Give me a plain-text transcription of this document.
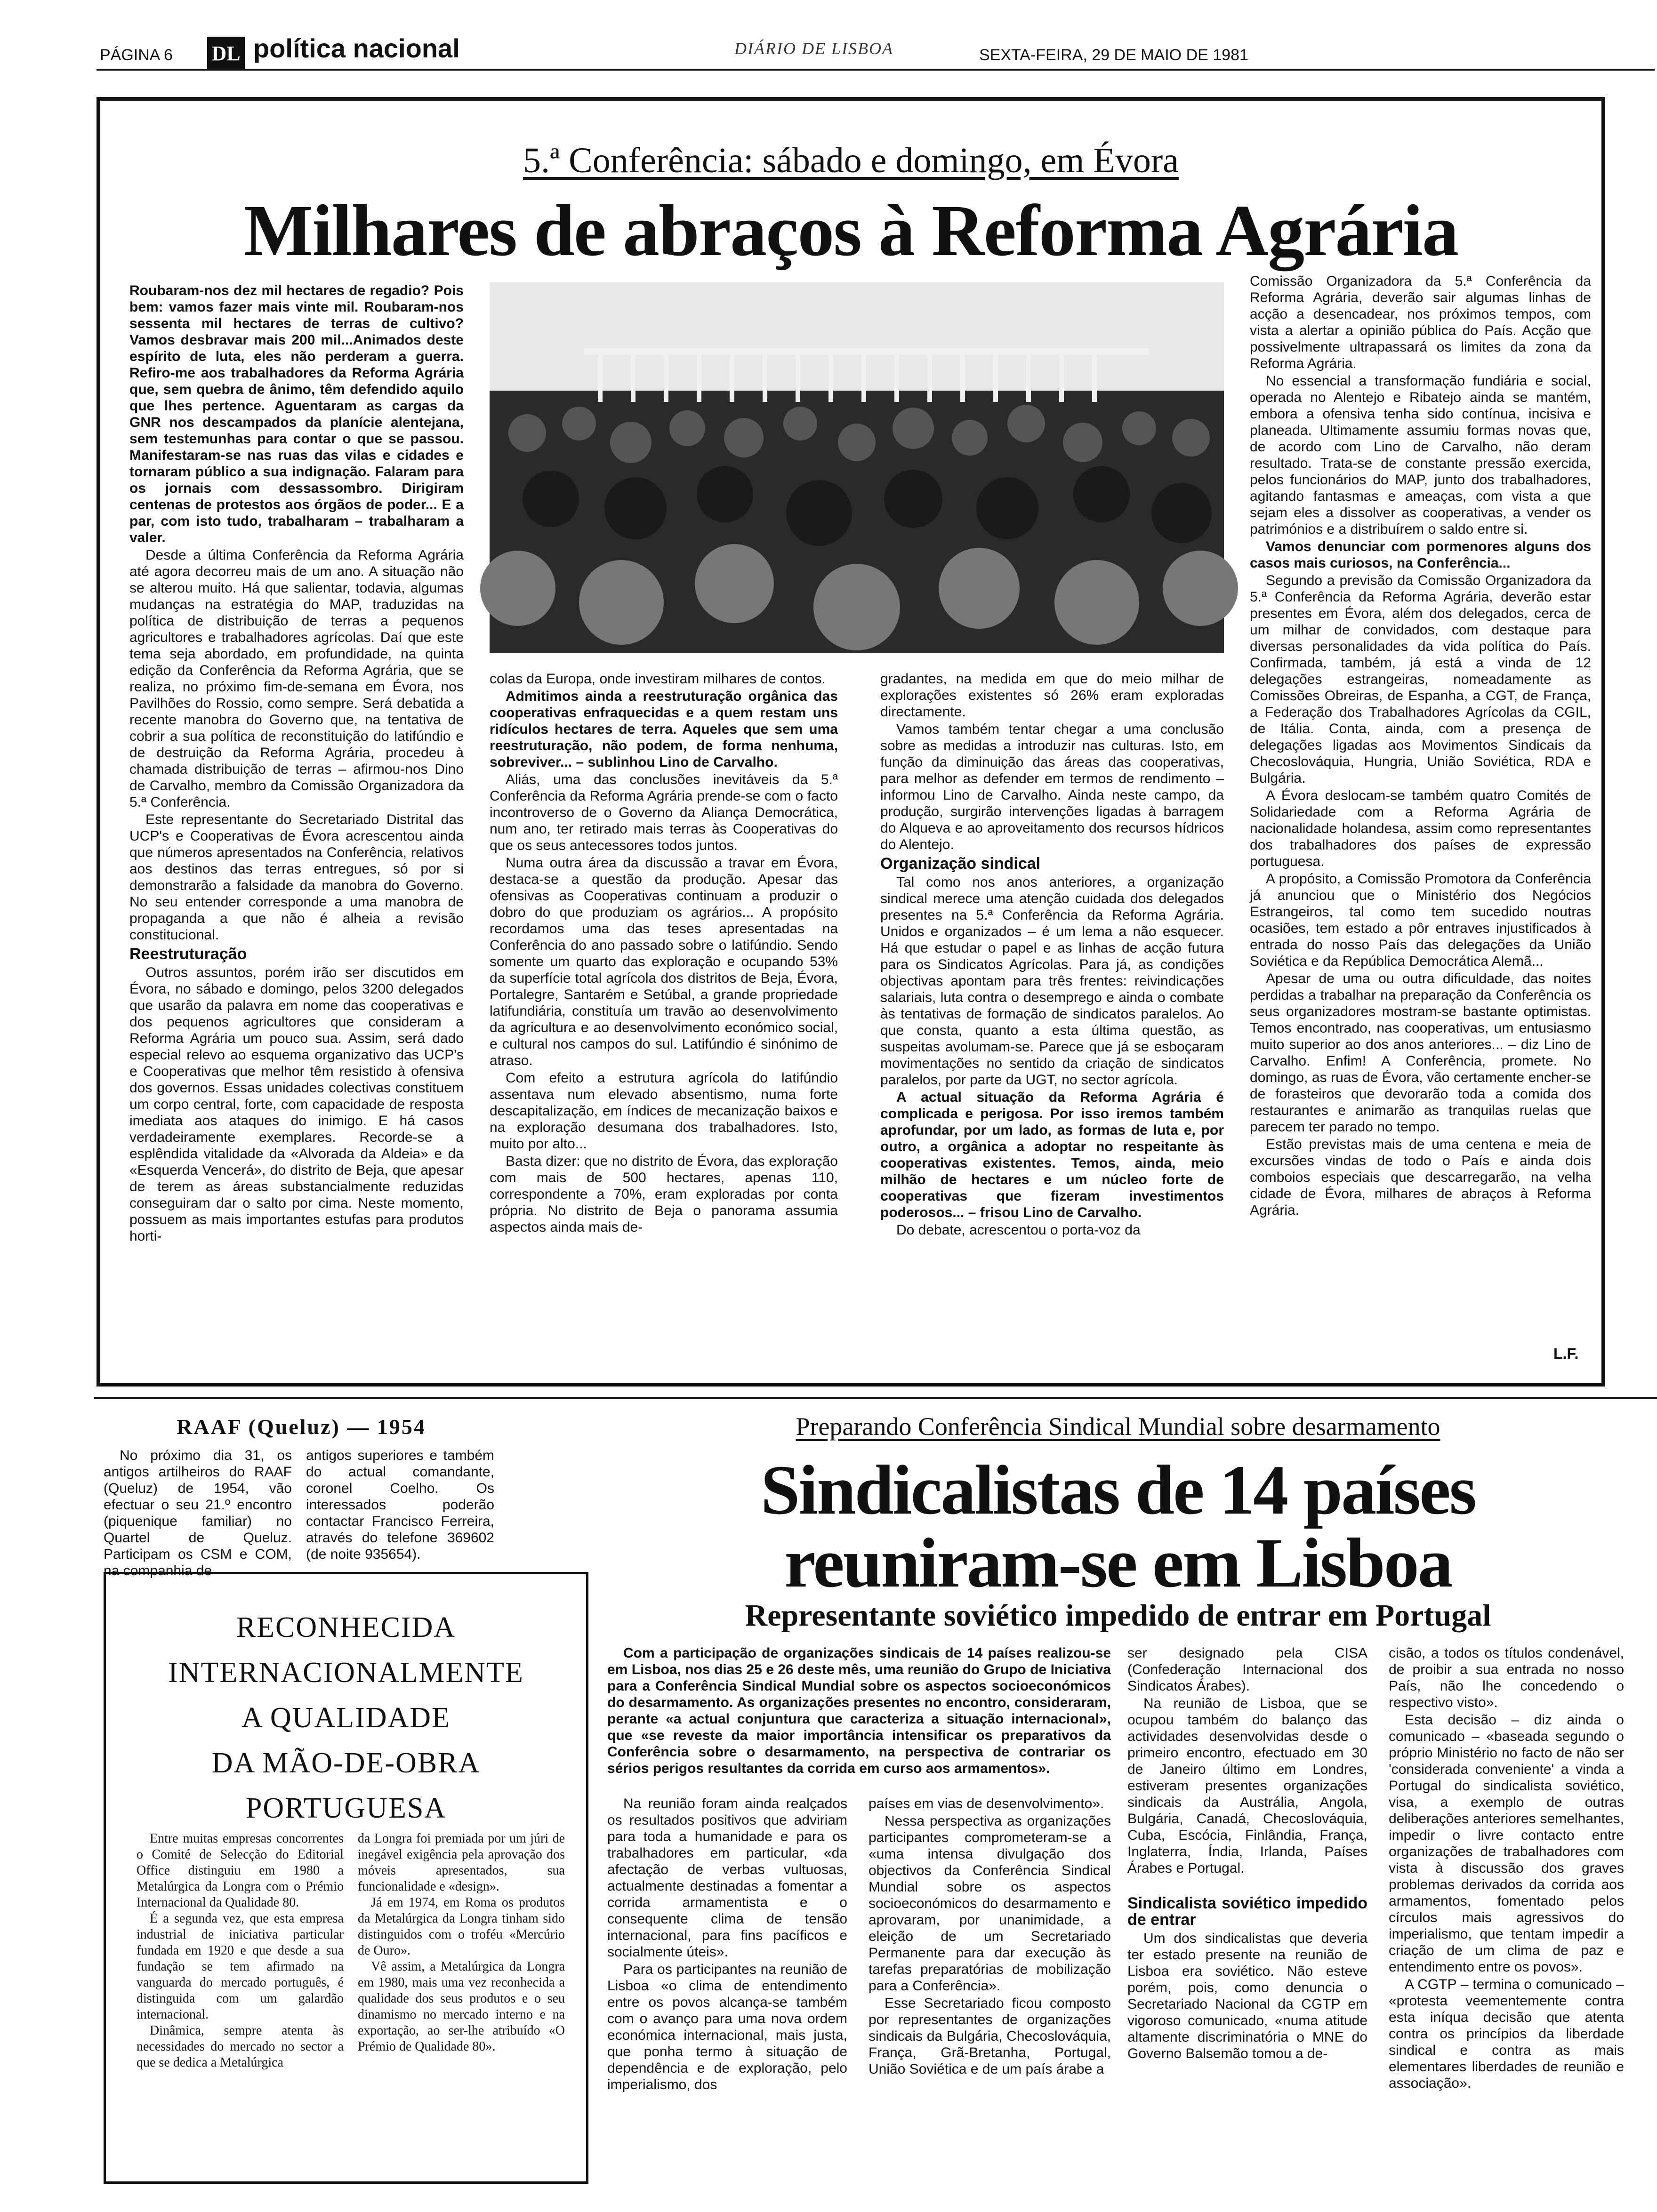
PÁGINA 6 DL política nacional	DIÁRIO DE LISBOA	SEXTA-FEIRA, 29 DE MAIO DE 1981
5.ª Conferência: sábado e domingo, em Évora
Milhares de abraços à Reforma Agrária

Roubaram-nos dez mil hectares de regadio? Pois bem: vamos fazer mais vinte mil. Roubaram-nos sessenta mil hectares de terras de cultivo? Vamos desbravar mais 200 mil...Animados deste espírito de luta, eles não perderam a guerra. Refiro-me aos trabalhadores da Reforma Agrária que, sem quebra de ânimo, têm defendido aquilo que lhes pertence. Aguentaram as cargas da GNR nos descampados da planície alentejana, sem testemunhas para contar o que se passou. Manifestaram-se nas ruas das vilas e cidades e tornaram público a sua indignação. Falaram para os jornais com dessassombro. Dirigiram centenas de protestos aos órgãos de poder... E a par, com isto tudo, trabalharam – trabalharam a valer.

Desde a última Conferência da Reforma Agrária até agora decorreu mais de um ano. A situação não se alterou muito. Há que salientar, todavia, algumas mudanças na estratégia do MAP, traduzidas na política de distribuição de terras a pequenos agricultores e trabalhadores agrícolas. Daí que este tema seja abordado, em profundidade, na quinta edição da Conferência da Reforma Agrária, que se realiza, no próximo fim-de-semana em Évora, nos Pavilhões do Rossio, como sempre. Será debatida a recente manobra do Governo que, na tentativa de cobrir a sua política de reconstituição do latifúndio e de destruição da Reforma Agrária, procedeu à chamada distribuição de terras – afirmou-nos Dino de Carvalho, membro da Comissão Organizadora da 5.ª Conferência.

Este representante do Secretariado Distrital das UCP's e Cooperativas de Évora acrescentou ainda que números apresentados na Conferência, relativos aos destinos das terras entregues, só por si demonstrarão a falsidade da manobra do Governo. No seu entender corresponde a uma manobra de propaganda a que não é alheia a revisão constitucional.

Reestruturação

Outros assuntos, porém irão ser discutidos em Évora, no sábado e domingo, pelos 3200 delegados que usarão da palavra em nome das cooperativas e dos pequenos agricultores que consideram a Reforma Agrária um pouco sua. Assim, será dado especial relevo ao esquema organizativo das UCP's e Cooperativas que melhor têm resistido à ofensiva dos governos. Essas unidades colectivas constituem um corpo central, forte, com capacidade de resposta imediata aos ataques do inimigo. E há casos verdadeiramente exemplares. Recorde-se a esplêndida vitalidade da «Alvorada da Aldeia» e da «Esquerda Vencerá», do distrito de Beja, que apesar de terem as áreas substancialmente reduzidas conseguiram dar o salto por cima. Neste momento, possuem as mais importantes estufas para produtos horti-

colas da Europa, onde investiram milhares de contos.

Admitimos ainda a reestruturação orgânica das cooperativas enfraquecidas e a quem restam uns ridículos hectares de terra. Aqueles que sem uma reestruturação, não podem, de forma nenhuma, sobreviver... – sublinhou Lino de Carvalho.

Aliás, uma das conclusões inevitáveis da 5.ª Conferência da Reforma Agrária prende-se com o facto incontroverso de o Governo da Aliança Democrática, num ano, ter retirado mais terras às Cooperativas do que os seus antecessores todos juntos.

Numa outra área da discussão a travar em Évora, destaca-se a questão da produção. Apesar das ofensivas as Cooperativas continuam a produzir o dobro do que produziam os agrários... A propósito recordamos uma das teses apresentadas na Conferência do ano passado sobre o latifúndio. Sendo somente um quarto das exploração e ocupando 53% da superfície total agrícola dos distritos de Beja, Évora, Portalegre, Santarém e Setúbal, a grande propriedade latifundiária, constituía um travão ao desenvolvimento da agricultura e ao desenvolvimento económico social, e cultural nos campos do sul. Latifúndio é sinónimo de atraso.

Com efeito a estrutura agrícola do latifúndio assentava num elevado absentismo, numa forte descapitalização, em índices de mecanização baixos e na exploração desumana dos trabalhadores. Isto, muito por alto...

Basta dizer: que no distrito de Évora, das exploração com mais de 500 hectares, apenas 110, correspondente a 70%, eram exploradas por conta própria. No distrito de Beja o panorama assumia aspectos ainda mais de-

gradantes, na medida em que do meio milhar de explorações existentes só 26% eram exploradas directamente.

Vamos também tentar chegar a uma conclusão sobre as medidas a introduzir nas culturas. Isto, em função da diminuição das áreas das cooperativas, para melhor as defender em termos de rendimento – informou Lino de Carvalho. Ainda neste campo, da produção, surgirão intervenções ligadas à barragem do Alqueva e ao aproveitamento dos recursos hídricos do Alentejo.

Organização sindical

Tal como nos anos anteriores, a organização sindical merece uma atenção cuidada dos delegados presentes na 5.ª Conferência da Reforma Agrária. Unidos e organizados – é um lema a não esquecer. Há que estudar o papel e as linhas de acção futura para os Sindicatos Agrícolas. Para já, as condições objectivas apontam para três frentes: reivindicações salariais, luta contra o desemprego e ainda o combate às tentativas de formação de sindicatos paralelos. Ao que consta, quanto a esta última questão, as suspeitas avolumam-se. Parece que já se esboçaram movimentações no sentido da criação de sindicatos paralelos, por parte da UGT, no sector agrícola.

A actual situação da Reforma Agrária é complicada e perigosa. Por isso iremos também aprofundar, por um lado, as formas de luta e, por outro, a orgânica a adoptar no respeitante às cooperativas existentes. Temos, ainda, meio milhão de hectares e um núcleo forte de cooperativas que fizeram investimentos poderosos... – frisou Lino de Carvalho.

Do debate, acrescentou o porta-voz da

Comissão Organizadora da 5.ª Conferência da Reforma Agrária, deverão sair algumas linhas de acção a desencadear, nos próximos tempos, com vista a alertar a opinião pública do País. Acção que possivelmente ultrapassará os limites da zona da Reforma Agrária.

No essencial a transformação fundiária e social, operada no Alentejo e Ribatejo ainda se mantém, embora a ofensiva tenha sido contínua, incisiva e planeada. Ultimamente assumiu formas novas que, de acordo com Lino de Carvalho, não deram resultado. Trata-se de constante pressão exercida, pelos funcionários do MAP, junto dos trabalhadores, agitando fantasmas e ameaças, com vista a que sejam eles a dissolver as cooperativas, a vender os patrimónios e a distribuírem o saldo entre si.

Vamos denunciar com pormenores alguns dos casos mais curiosos, na Conferência...

Segundo a previsão da Comissão Organizadora da 5.ª Conferência da Reforma Agrária, deverão estar presentes em Évora, além dos delegados, cerca de um milhar de convidados, com destaque para diversas personalidades da vida política do País. Confirmada, também, já está a vinda de 12 delegações estrangeiras, nomeadamente as Comissões Obreiras, de Espanha, a CGT, de França, a Federação dos Trabalhadores Agrícolas da CGIL, de Itália. Conta, ainda, com a presença de delegações ligadas aos Movimentos Sindicais da Checoslováquia, Hungria, União Soviética, RDA e Bulgária.

A Évora deslocam-se também quatro Comités de Solidariedade com a Reforma Agrária de nacionalidade holandesa, assim como representantes dos trabalhadores dos países de expressão portuguesa.

A propósito, a Comissão Promotora da Conferência já anunciou que o Ministério dos Negócios Estrangeiros, tal como tem sucedido noutras ocasiões, tem estado a pôr entraves injustificados à entrada do nosso País das delegações da União Soviética e da República Democrática Alemã...

Apesar de uma ou outra dificuldade, das noites perdidas a trabalhar na preparação da Conferência os seus organizadores mostram-se bastante optimistas. Temos encontrado, nas cooperativas, um entusiasmo muito superior ao dos anos anteriores... – diz Lino de Carvalho. Enfim! A Conferência, promete. No domingo, as ruas de Évora, vão certamente encher-se de forasteiros que devorarão toda a comida dos restaurantes e animarão as tranquilas ruelas que parecem ter parado no tempo.

Estão previstas mais de uma centena e meia de excursões vindas de todo o País e ainda dois comboios especiais que descarregarão, na velha cidade de Évora, milhares de abraços à Reforma Agrária.

L.F.
RAAF (Queluz) — 1954

No próximo dia 31, os antigos artilheiros do RAAF (Queluz) de 1954, vão efectuar o seu 21.º encontro (piquenique familiar) no Quartel de Queluz. Participam os CSM e COM, na companhia de

antigos superiores e também do actual comandante, coronel Coelho. Os interessados poderão contactar Francisco Ferreira, através do telefone 369602 (de noite 935654).

RECONHECIDA
INTERNACIONALMENTE
A QUALIDADE
DA MÃO-DE-OBRA
PORTUGUESA

Entre muitas empresas concorrentes o Comité de Selecção do Editorial Office distinguiu em 1980 a Metalúrgica da Longra com o Prémio Internacional da Qualidade 80.

É a segunda vez, que esta empresa industrial de iniciativa particular fundada em 1920 e que desde a sua fundação se tem afirmado na vanguarda do mercado português, é distinguida com um galardão internacional.

Dinâmica, sempre atenta às necessidades do mercado no sector a que se dedica a Metalúrgica

da Longra foi premiada por um júri de inegável exigência pela aprovação dos móveis apresentados, sua funcionalidade e «design».

Já em 1974, em Roma os produtos da Metalúrgica da Longra tinham sido distinguidos com o troféu «Mercúrio de Ouro».

Vê assim, a Metalúrgica da Longra em 1980, mais uma vez reconhecida a qualidade dos seus produtos e o seu dinamismo no mercado interno e na exportação, ao ser-lhe atribuído «O Prémio de Qualidade 80».

Preparando Conferência Sindical Mundial sobre desarmamento
Sindicalistas de 14 países
reuniram-se em Lisboa
Representante soviético impedido de entrar em Portugal

Com a participação de organizações sindicais de 14 países realizou-se em Lisboa, nos dias 25 e 26 deste mês, uma reunião do Grupo de Iniciativa para a Conferência Sindical Mundial sobre os aspectos socioeconómicos do desarmamento. As organizações presentes no encontro, consideraram, perante «a actual conjuntura que caracteriza a situação internacional», que «se reveste da maior importância intensificar os preparativos da Conferência sobre o desarmamento, na perspectiva de contrariar os sérios perigos resultantes da corrida em curso aos armamentos».

Na reunião foram ainda realçados os resultados positivos que adviriam para toda a humanidade e para os trabalhadores em particular, «da afectação de verbas vultuosas, actualmente destinadas a fomentar a corrida armamentista e o consequente clima de tensão internacional, para fins pacíficos e socialmente úteis».

Para os participantes na reunião de Lisboa «o clima de entendimento entre os povos alcança-se também com o avanço para uma nova ordem económica internacional, mais justa, que ponha termo à situação de dependência e de exploração, pelo imperialismo, dos

países em vias de desenvolvimento».

Nessa perspectiva as organizações participantes comprometeram-se a «uma intensa divulgação dos objectivos da Conferência Sindical Mundial sobre os aspectos socioeconómicos do desarmamento e aprovaram, por unanimidade, a eleição de um Secretariado Permanente para dar execução às tarefas preparatórias de mobilização para a Conferência».

Esse Secretariado ficou composto por representantes de organizações sindicais da Bulgária, Checoslováquia, França, Grã-Bretanha, Portugal, União Soviética e de um país árabe a

ser designado pela CISA (Confederação Internacional dos Sindicatos Árabes).

Na reunião de Lisboa, que se ocupou também do balanço das actividades desenvolvidas desde o primeiro encontro, efectuado em 30 de Janeiro último em Londres, estiveram presentes organizações sindicais da Austrália, Angola, Bulgária, Canadá, Checoslováquia, Cuba, Escócia, Finlândia, França, Inglaterra, Índia, Irlanda, Países Árabes e Portugal.

Sindicalista soviético impedido de entrar

Um dos sindicalistas que deveria ter estado presente na reunião de Lisboa era soviético. Não esteve porém, pois, como denuncia o Secretariado Nacional da CGTP em vigoroso comunicado, «numa atitude altamente discriminatória o MNE do Governo Balsemão tomou a de-

cisão, a todos os títulos condenável, de proibir a sua entrada no nosso País, não lhe concedendo o respectivo visto».

Esta decisão – diz ainda o comunicado – «baseada segundo o próprio Ministério no facto de não ser 'considerada conveniente' a vinda a Portugal do sindicalista soviético, visa, a exemplo de outras deliberações anteriores semelhantes, impedir o livre contacto entre organizações de trabalhadores com vista à discussão dos graves problemas derivados da corrida aos armamentos, fomentado pelos círculos mais agressivos do imperialismo, que tentam impedir a criação de um clima de paz e entendimento entre os povos».

A CGTP – termina o comunicado – «protesta veementemente contra esta iníqua decisão que atenta contra os princípios da liberdade sindical e contra as mais elementares liberdades de reunião e associação».
